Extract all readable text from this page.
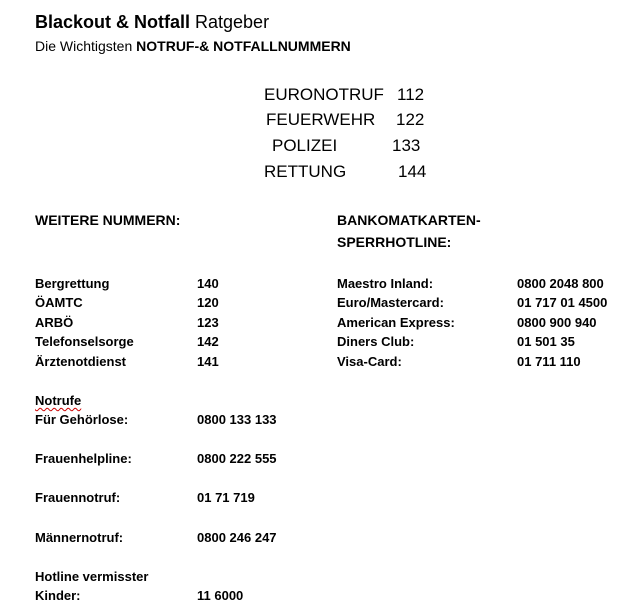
Blackout & Notfall Ratgeber
Die Wichtigsten NOTRUF-& NOTFALLNUMMERN
EURONOTRUF 112
FEUERWEHR 122
POLIZEI	133
RETTUNG	144
WEITERE NUMMERN:
Bergrettung	140
ÖAMTC	120
ARBÖ	123
Telefonselsorge	142
Ärztenotdienst	141
BANKOMATKARTEN-
SPERRHOTLINE:
Maestro Inland:	0800 2048 800
Euro/Mastercard:	01 717 01 4500
American Express:	0800 900 940
Diners Club:	01 501 35
Visa-Card:	01 711 110
Notrufe
Für Gehörlose:	0800 133 133
Frauenhelpline:	0800 222 555
Frauennotruf:	01 71 719
Männernotruf:	0800 246 247
Hotline vermisster
Kinder:	11 6000
